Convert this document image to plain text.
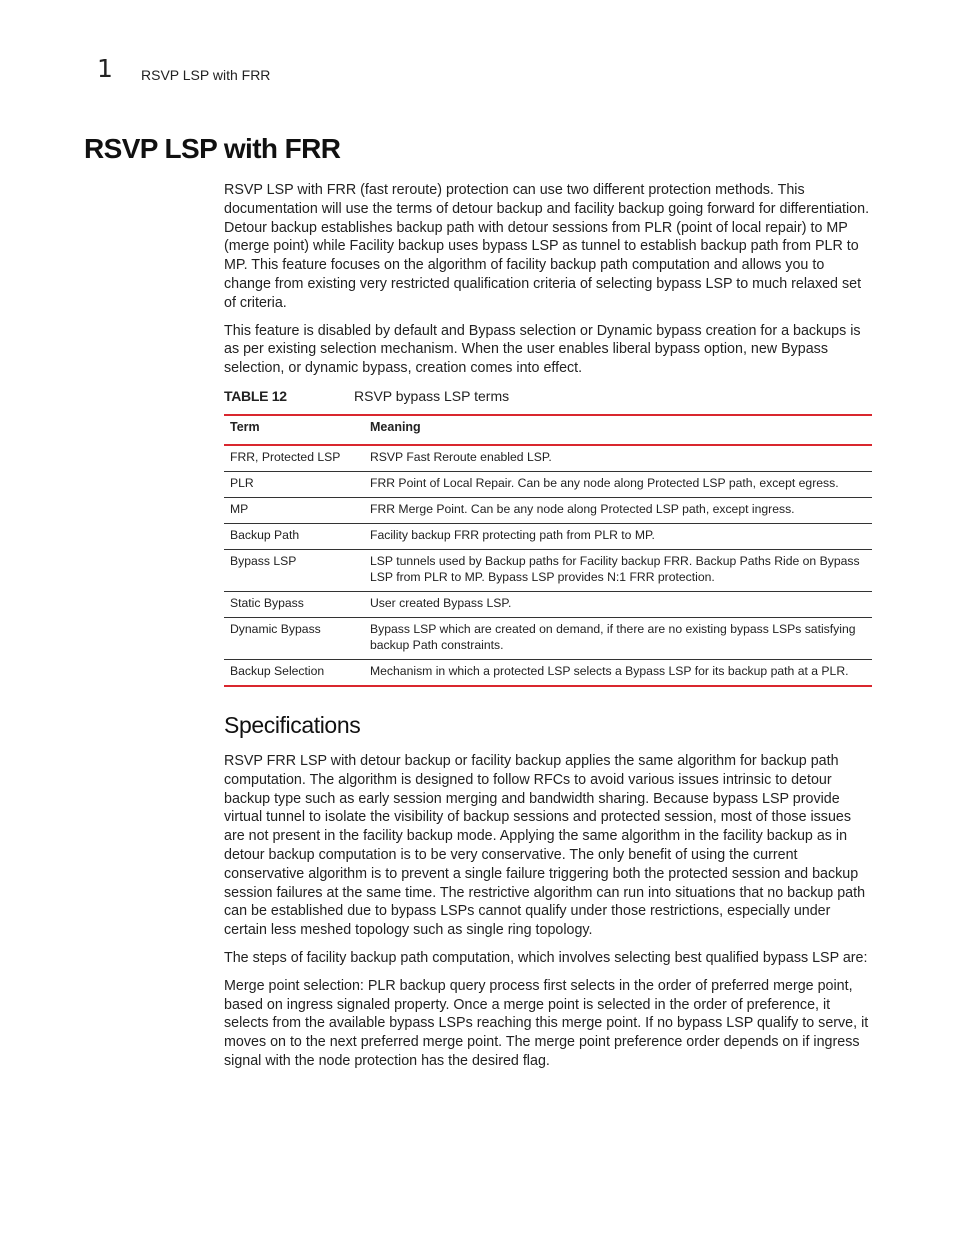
1 RSVP LSP with FRR
RSVP LSP with FRR

RSVP LSP with FRR (fast reroute) protection can use two different protection methods. This documentation will use the terms of detour backup and facility backup going forward for differentiation. Detour backup establishes backup path with detour sessions from PLR (point of local repair) to MP (merge point) while Facility backup uses bypass LSP as tunnel to establish backup path from PLR to MP. This feature focuses on the algorithm of facility backup path computation and allows you to change from existing very restricted qualification criteria of selecting bypass LSP to much relaxed set of criteria.

This feature is disabled by default and Bypass selection or Dynamic bypass creation for a backups is as per existing selection mechanism. When the user enables liberal bypass option, new Bypass selection, or dynamic bypass, creation comes into effect.

TABLE 12	RSVP bypass LSP terms
Term	Meaning
FRR, Protected LSP	RSVP Fast Reroute enabled LSP.
PLR	FRR Point of Local Repair. Can be any node along Protected LSP path, except egress.
MP	FRR Merge Point. Can be any node along Protected LSP path, except ingress.
Backup Path	Facility backup FRR protecting path from PLR to MP.
Bypass LSP	LSP tunnels used by Backup paths for Facility backup FRR. Backup Paths Ride on Bypass LSP from PLR to MP. Bypass LSP provides N:1 FRR protection.
Static Bypass	User created Bypass LSP.
Dynamic Bypass	Bypass LSP which are created on demand, if there are no existing bypass LSPs satisfying backup Path constraints.
Backup Selection	Mechanism in which a protected LSP selects a Bypass LSP for its backup path at a PLR.
Specifications

RSVP FRR LSP with detour backup or facility backup applies the same algorithm for backup path computation. The algorithm is designed to follow RFCs to avoid various issues intrinsic to detour backup type such as early session merging and bandwidth sharing. Because bypass LSP provide virtual tunnel to isolate the visibility of backup sessions and protected session, most of those issues are not present in the facility backup mode. Applying the same algorithm in the facility backup as in detour backup computation is to be very conservative. The only benefit of using the current conservative algorithm is to prevent a single failure triggering both the protected session and backup session failures at the same time. The restrictive algorithm can run into situations that no backup path can be established due to bypass LSPs cannot qualify under those restrictions, especially under certain less meshed topology such as single ring topology.

The steps of facility backup path computation, which involves selecting best qualified bypass LSP are:

Merge point selection: PLR backup query process first selects in the order of preferred merge point, based on ingress signaled property. Once a merge point is selected in the order of preference, it selects from the available bypass LSPs reaching this merge point. If no bypass LSP qualify to serve, it moves on to the next preferred merge point. The merge point preference order depends on if ingress signal with the node protection has the desired flag.
